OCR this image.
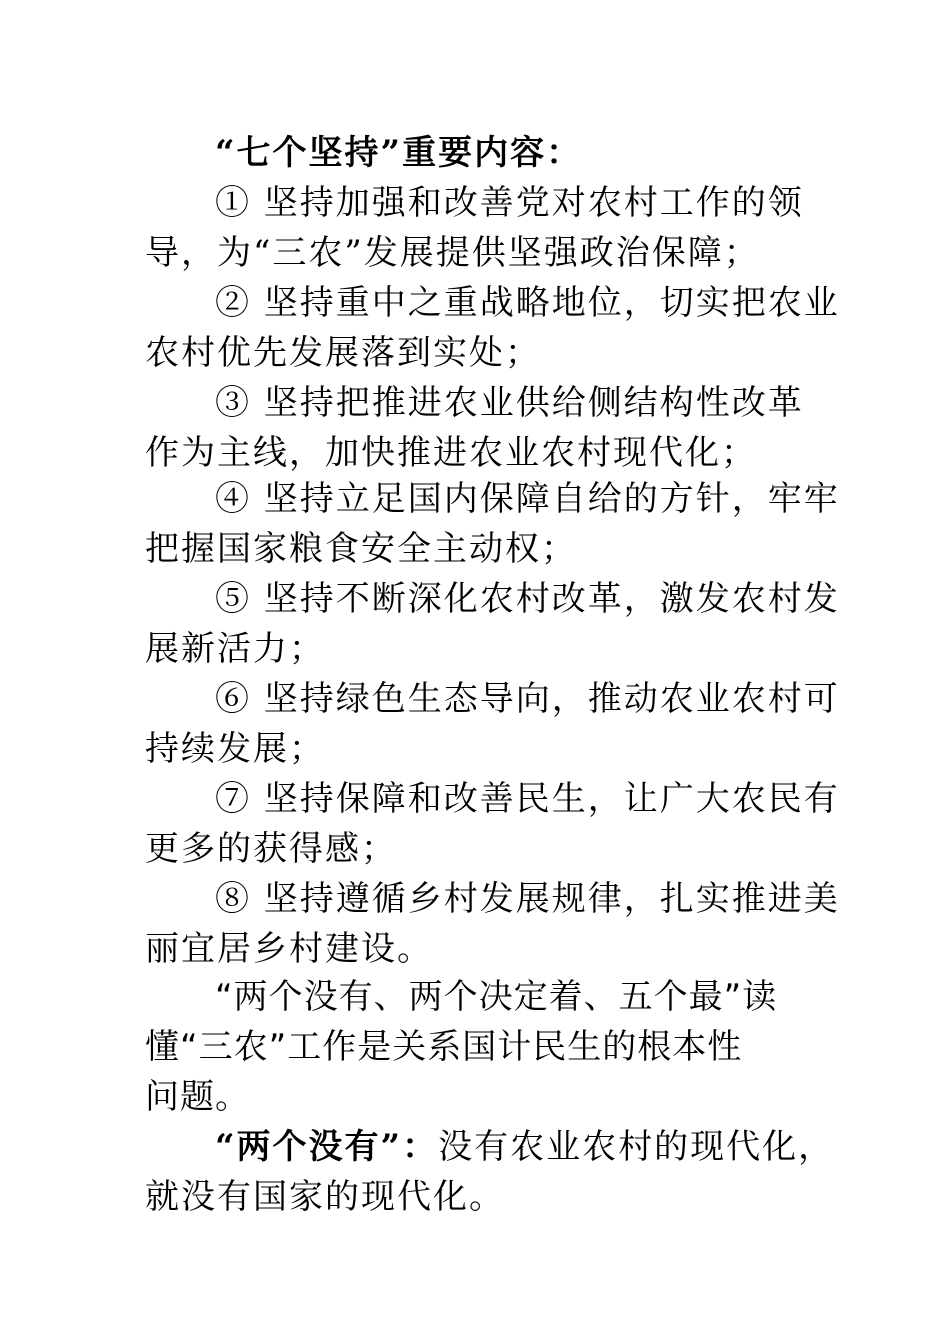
“七个坚持”重要内容：

① 坚持加强和改善党对农村工作的领
导，为“三农”发展提供坚强政治保障；

② 坚持重中之重战略地位，切实把农业
农村优先发展落到实处；

③ 坚持把推进农业供给侧结构性改革
作为主线，加快推进农业农村现代化；

④ 坚持立足国内保障自给的方针，牢牢
把握国家粮食安全主动权；

⑤ 坚持不断深化农村改革，激发农村发
展新活力；

⑥ 坚持绿色生态导向，推动农业农村可
持续发展；

⑦ 坚持保障和改善民生，让广大农民有
更多的获得感；

⑧ 坚持遵循乡村发展规律，扎实推进美
丽宜居乡村建设。

“两个没有、两个决定着、五个最”读
懂“三农”工作是关系国计民生的根本性
问题。

“两个没有”：没有农业农村的现代化，
就没有国家的现代化。
